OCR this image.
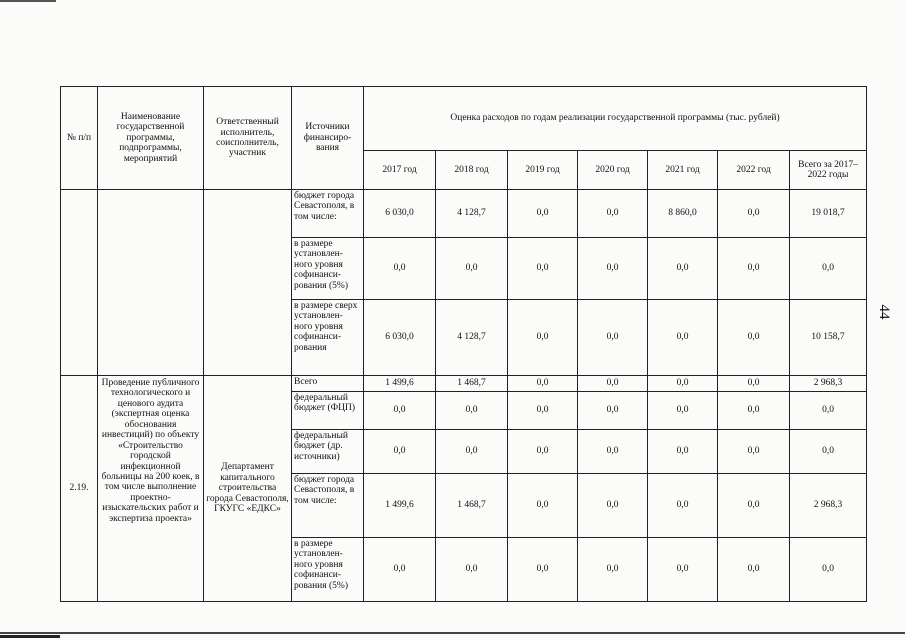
44
№ п/п	Наименование государственной программы, подпрограммы, мероприятий	Ответственный исполнитель, соисполнитель, участник	Источники финансиро-вания	Оценка расходов по годам реализации государственной программы (тыс. рублей)						
				2017 год	2018 год	2019 год	2020 год	2021 год	2022 год	Всего за 2017–2022 годы
			бюджет города Севастополя, в том числе:	6 030,0	4 128,7	0,0	0,0	8 860,0	0,0	19 018,7
			в размере установлен-ного уровня софинанси-рования (5%)	0,0	0,0	0,0	0,0	0,0	0,0	0,0
			в размере сверх установлен-ного уровня софинанси-рования	6 030,0	4 128,7	0,0	0,0	0,0	0,0	10 158,7
2.19.	Проведение публичного технологического и ценового аудита (экспертная оценка обоснования инвестиций) по объекту «Строительство городской инфекционной больницы на 200 коек, в том числе выполнение проектно-изыскательских работ и экспертиза проекта»	Департамент капитального строительства города Севастополя, ГКУГС «ЕДКС»	Всего	1 499,6	1 468,7	0,0	0,0	0,0	0,0	2 968,3
			федеральный бюджет (ФЦП)	0,0	0,0	0,0	0,0	0,0	0,0	0,0
			федеральный бюджет (др. источники)	0,0	0,0	0,0	0,0	0,0	0,0	0,0
			бюджет города Севастополя, в том числе:	1 499,6	1 468,7	0,0	0,0	0,0	0,0	2 968,3
			в размере установлен-ного уровня софинанси-рования (5%)	0,0	0,0	0,0	0,0	0,0	0,0	0,0
